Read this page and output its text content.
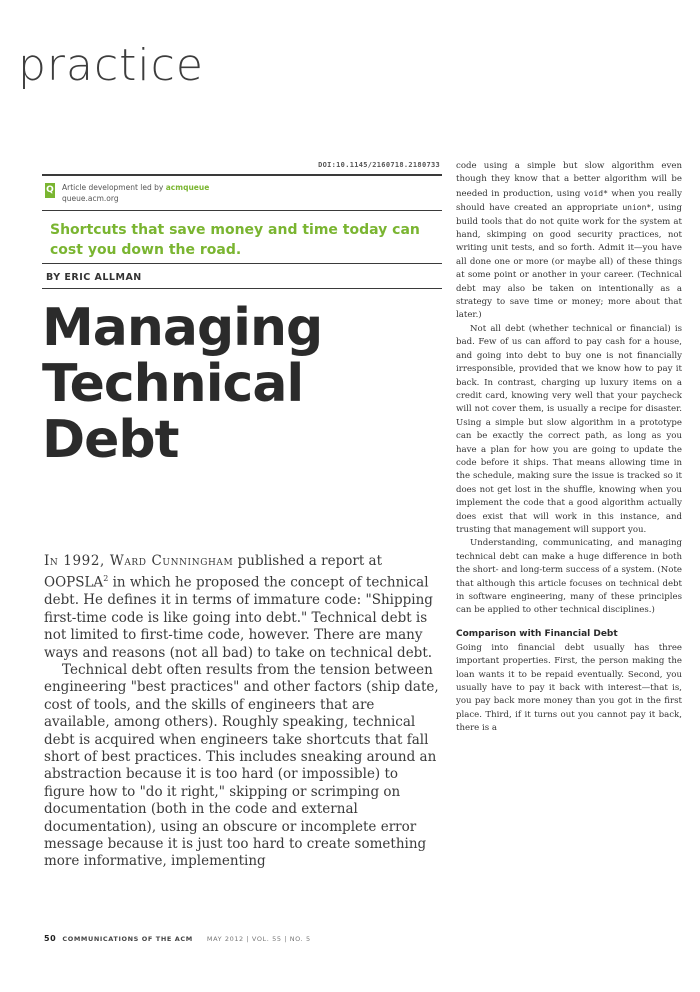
practice
DOI:10.1145/2160718.2180733
Q Article development led by acmqueue
queue.acm.org
Shortcuts that save money and time today can cost you down the road.
BY ERIC ALLMAN
Managing
Technical
Debt

In 1992, Ward Cunningham published a report at OOPSLA$^2$ in which he proposed the concept of technical debt. He defines it in terms of immature code: "Shipping first-time code is like going into debt." Technical debt is not limited to first-time code, however. There are many ways and reasons (not all bad) to take on technical debt.

Technical debt often results from the tension between engineering "best practices" and other factors (ship date, cost of tools, and the skills of engineers that are available, among others). Roughly speaking, technical debt is acquired when engineers take shortcuts that fall short of best practices. This includes sneaking around an abstraction because it is too hard (or impossible) to figure how to "do it right," skipping or scrimping on documentation (both in the code and external documentation), using an obscure or incomplete error message because it is just too hard to create something more informative, implementing

code using a simple but slow algorithm even though they know that a better algorithm will be needed in production, using void* when you really should have created an appropriate union*, using build tools that do not quite work for the system at hand, skimping on good security practices, not writing unit tests, and so forth. Admit it—you have all done one or more (or maybe all) of these things at some point or another in your career. (Technical debt may also be taken on intentionally as a strategy to save time or money; more about that later.)

Not all debt (whether technical or financial) is bad. Few of us can afford to pay cash for a house, and going into debt to buy one is not financially irresponsible, provided that we know how to pay it back. In contrast, charging up luxury items on a credit card, knowing very well that your paycheck will not cover them, is usually a recipe for disaster. Using a simple but slow algorithm in a prototype can be exactly the correct path, as long as you have a plan for how you are going to update the code before it ships. That means allowing time in the schedule, making sure the issue is tracked so it does not get lost in the shuffle, knowing when you implement the code that a good algorithm actually does exist that will work in this instance, and trusting that management will support you.

Understanding, communicating, and managing technical debt can make a huge difference in both the short- and long-term success of a system. (Note that although this article focuses on technical debt in software engineering, many of these principles can be applied to other technical disciplines.)

Comparison with Financial Debt

Going into financial debt usually has three important properties. First, the person making the loan wants it to be repaid eventually. Second, you usually have to pay it back with interest—that is, you pay back more money than you got in the first place. Third, if it turns out you cannot pay it back, there is a

50 COMMUNICATIONS OF THE ACM MAY 2012 | VOL. 55 | NO. 5
